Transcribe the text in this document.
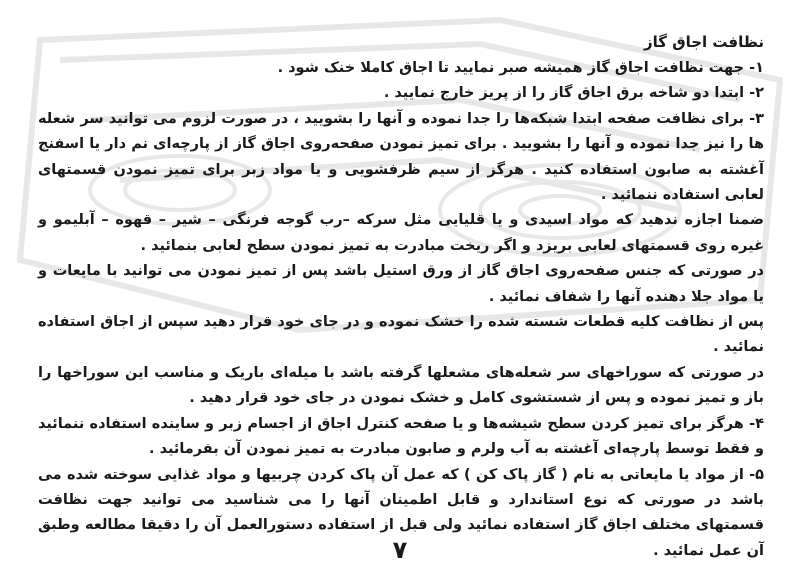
نظافت اجاق گاز

۱- جهت نظافت اجاق گاز همیشه صبر نمایید تا اجاق کاملا خنک شود .

۲- ابتدا دو شاخه برق اجاق گاز را از پریز خارج نمایید .

۳- برای نظافت صفحه ابتدا شبکه‌ها را جدا نموده و آنها را بشویید ، در صورت لزوم می توانید سر شعله ها را نیز جدا نموده و آنها را بشویید . برای تمیز نمودن صفحه‌روی اجاق گاز از پارچه‌ای نم دار یا اسفنج آغشته به صابون استفاده کنید . هرگز از سیم ظرفشویی و یا مواد زبر برای تمیز نمودن قسمتهای لعابی استفاده ننمائید .

ضمنا اجازه ندهید که مواد اسیدی و یا قلیایی مثل سرکه –رب گوجه فرنگی – شیر – قهوه – آبلیمو و غیره روی قسمتهای لعابی بریزد و اگر ریخت مبادرت به تمیز نمودن سطح لعابی بنمائید .

در صورتی که جنس صفحه‌روی اجاق گاز از ورق استیل باشد پس از تمیز نمودن می توانید با مایعات و یا مواد جلا دهنده آنها را شفاف نمائید .

پس از نظافت کلیه قطعات شسته شده را خشک نموده و در جای خود قرار دهید سپس از اجاق استفاده نمائید .

در صورتی که سوراخهای سر شعله‌های مشعلها گرفته باشد با میله‌ای باریک و مناسب این سوراخها را باز و تمیز نموده و پس از شستشوی کامل و خشک نمودن در جای خود قرار دهید .

۴- هرگز برای تمیز کردن سطح شیشه‌ها و یا صفحه کنترل اجاق از اجسام زبر و ساینده استفاده ننمائید و فقط توسط پارچه‌ای آغشته به آب ولرم و صابون مبادرت به تمیز نمودن آن بفرمائید .

۵- از مواد یا مایعاتی به نام ( گاز پاک کن ) که عمل آن پاک کردن چربیها و مواد غذایی سوخته شده می باشد در صورتی که نوع استاندارد و قابل اطمینان آنها را می شناسید می توانید جهت نظافت قسمتهای مختلف اجاق گاز استفاده نمائید ولی قبل از استفاده دستورالعمل آن را دقیقا مطالعه وطبق آن عمل نمائید .

۷
